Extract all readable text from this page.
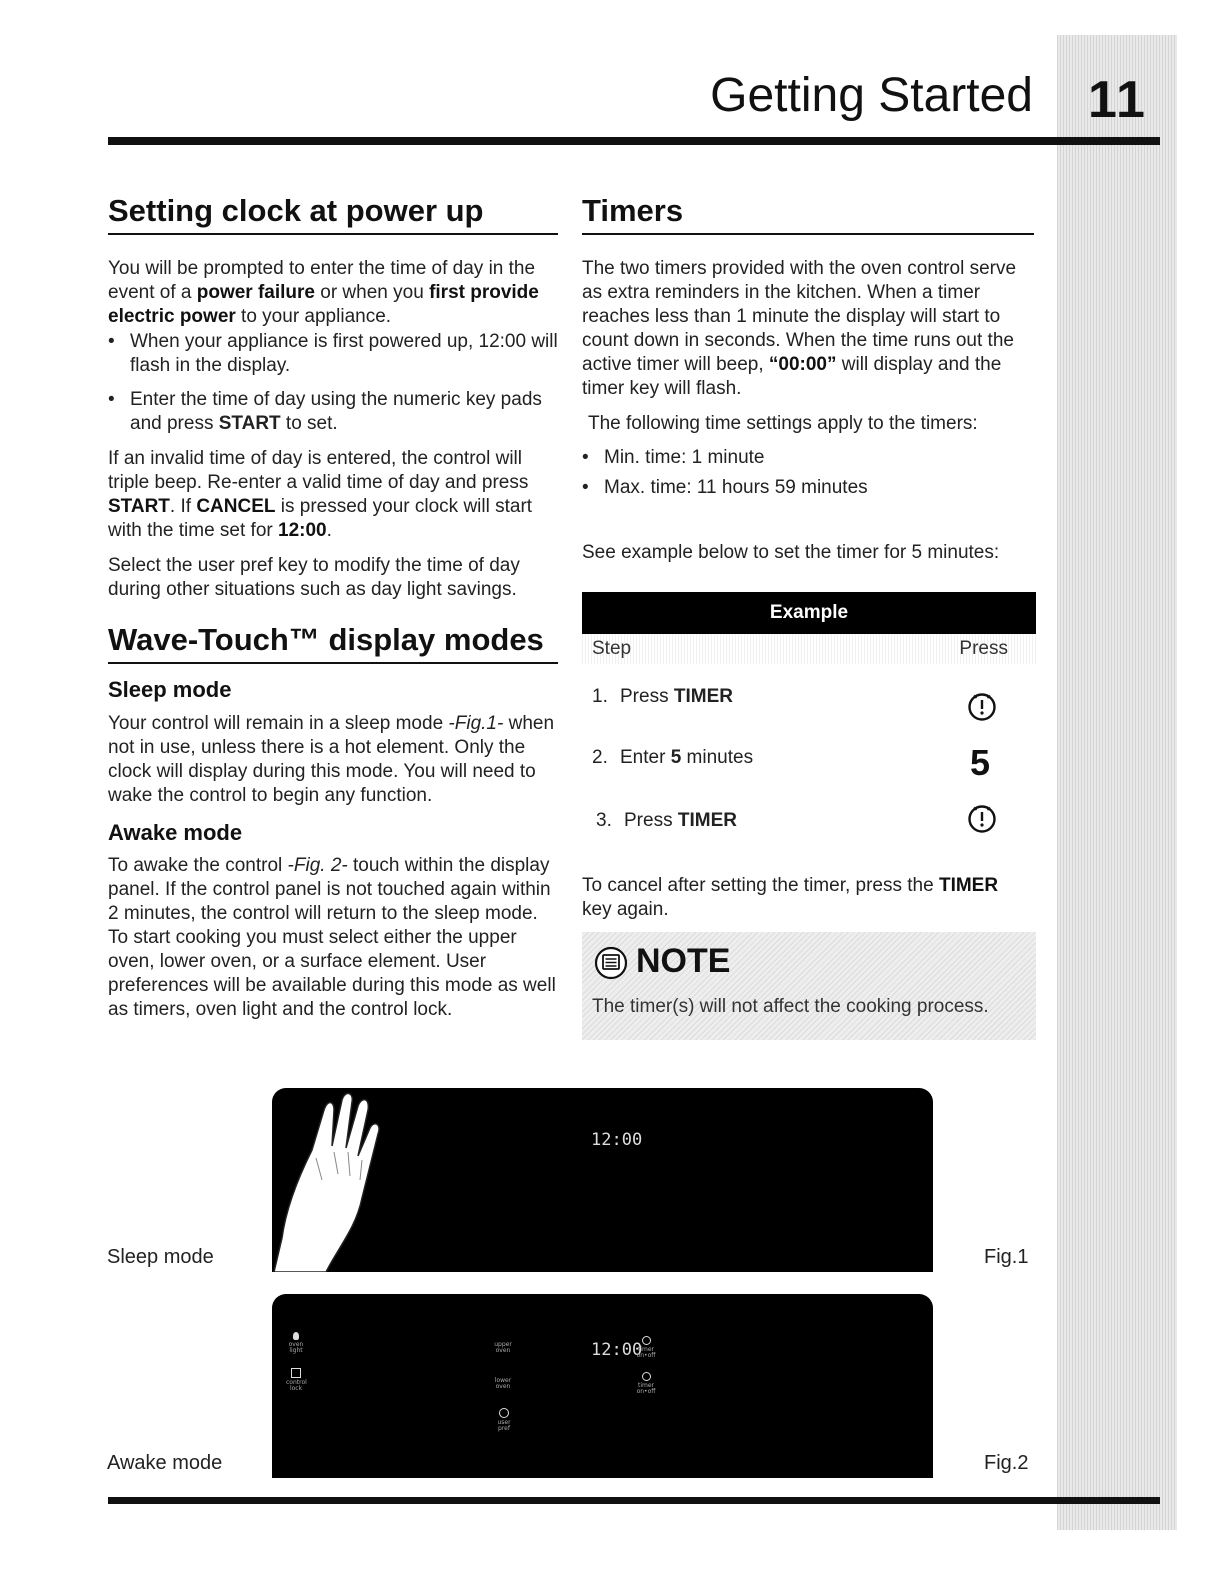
11
Getting Started
Setting clock at power up
You will be prompted to enter the time of day in the event of a power failure or when you first provide electric power to your appliance.
• When your appliance is first powered up, 12:00 will flash in the display.
• Enter the time of day using the numeric key pads and press START to set.
If an invalid time of day is entered, the control will triple beep. Re-enter a valid time of day and press START. If CANCEL is pressed your clock will start with the time set for 12:00.
Select the user pref key to modify the time of day during other situations such as day light savings.
Wave-Touch™ display modes
Sleep mode
Your control will remain in a sleep mode -Fig.1- when not in use, unless there is a hot element. Only the clock will display during this mode. You will need to wake the control to begin any function.
Awake mode
To awake the control -Fig. 2- touch within the display panel. If the control panel is not touched again within 2 minutes, the control will return to the sleep mode. To start cooking you must select either the upper oven, lower oven, or a surface element. User preferences will be available during this mode as well as timers, oven light and the control lock.
Timers
The two timers provided with the oven control serve as extra reminders in the kitchen. When a timer reaches less than 1 minute the display will start to count down in seconds. When the time runs out the active timer will beep, “00:00” will display and the timer key will flash.
The following time settings apply to the timers:
• Min. time: 1 minute
• Max. time: 11 hours 59 minutes
See example below to set the timer for 5 minutes:
Example
Step	Press
1. Press TIMER
2. Enter 5 minutes	5
3. Press TIMER
To cancel after setting the timer, press the TIMER key again.
NOTE
The timer(s) will not affect the cooking process.
Sleep mode	Fig.1
12:00
Awake mode	Fig.2
oven light
control lock
upper oven
lower oven
user pref
12:00
timer on•off
timer on•off
